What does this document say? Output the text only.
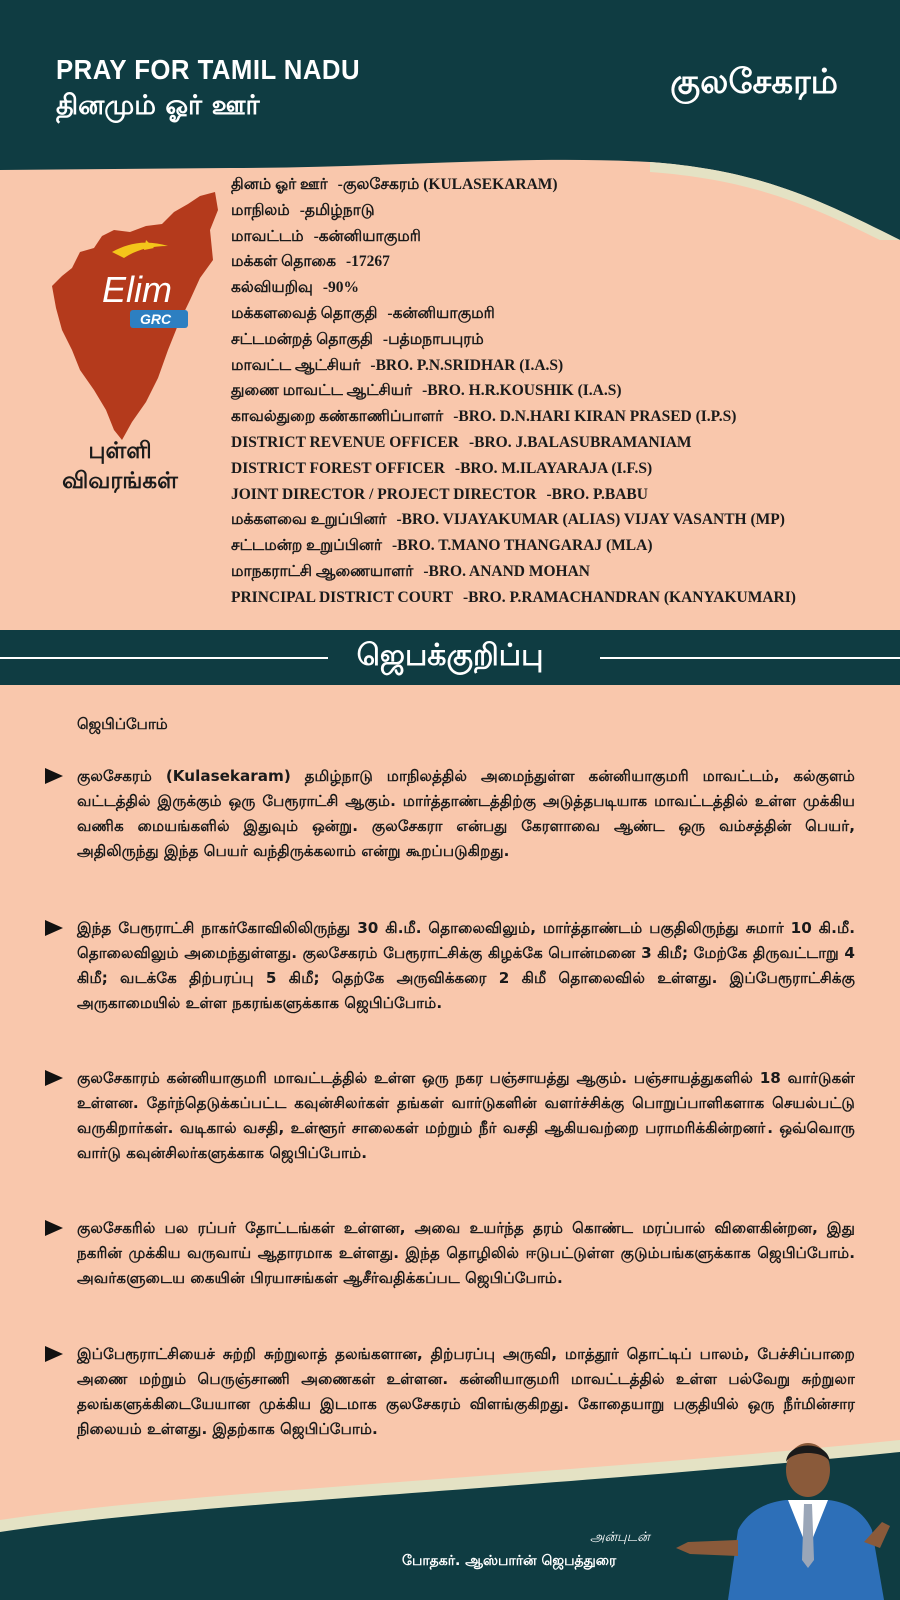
PRAY FOR TAMIL NADU
தினமும் ஓர் ஊர்
குலசேகரம்
Elim
GRC
புள்ளி
விவரங்கள்
தினம் ஓர் ஊர் -குலசேகரம் (KULASEKARAM)
மாநிலம் -தமிழ்நாடு
மாவட்டம் -கன்னியாகுமரி
மக்கள் தொகை -17267
கல்வியறிவு -90%
மக்களவைத் தொகுதி -கன்னியாகுமரி
சட்டமன்றத் தொகுதி -பத்மநாபபுரம்
மாவட்ட ஆட்சியர் -BRO. P.N.SRIDHAR (I.A.S)
துணை மாவட்ட ஆட்சியர் -BRO. H.R.KOUSHIK (I.A.S)
காவல்துறை கண்காணிப்பாளர் -BRO. D.N.HARI KIRAN PRASED (I.P.S)
DISTRICT REVENUE OFFICER -BRO. J.BALASUBRAMANIAM
DISTRICT FOREST OFFICER -BRO. M.ILAYARAJA (I.F.S)
JOINT DIRECTOR / PROJECT DIRECTOR -BRO. P.BABU
மக்களவை உறுப்பினர் -BRO. VIJAYAKUMAR (ALIAS) VIJAY VASANTH (MP)
சட்டமன்ற உறுப்பினர் -BRO. T.MANO THANGARAJ (MLA)
மாநகராட்சி ஆணையாளர் -BRO. ANAND MOHAN
PRINCIPAL DISTRICT COURT -BRO. P.RAMACHANDRAN (KANYAKUMARI)
ஜெபக்குறிப்பு
ஜெபிப்போம்
குலசேகரம் (Kulasekaram) தமிழ்நாடு மாநிலத்தில் அமைந்துள்ள கன்னியாகுமரி மாவட்டம், கல்குளம் வட்டத்தில் இருக்கும் ஒரு பேரூராட்சி ஆகும். மார்த்தாண்டத்திற்கு அடுத்தபடியாக மாவட்டத்தில் உள்ள முக்கிய வணிக மையங்களில் இதுவும் ஒன்று. குலசேகரா என்பது கேரளாவை ஆண்ட ஒரு வம்சத்தின் பெயர், அதிலிருந்து இந்த பெயர் வந்திருக்கலாம் என்று கூறப்படுகிறது.
இந்த பேரூராட்சி நாகர்கோவிலிலிருந்து 30 கி.மீ. தொலைவிலும், மார்த்தாண்டம் பகுதிலிருந்து சுமார் 10 கி.மீ. தொலைவிலும் அமைந்துள்ளது. குலசேகரம் பேரூராட்சிக்கு கிழக்கே பொன்மனை 3 கிமீ; மேற்கே திருவட்டாறு 4 கிமீ; வடக்கே திற்பரப்பு 5 கிமீ; தெற்கே அருவிக்கரை 2 கிமீ தொலைவில் உள்ளது. இப்பேரூராட்சிக்கு அருகாமையில் உள்ள நகரங்களுக்காக ஜெபிப்போம்.
குலசேகாரம் கன்னியாகுமரி மாவட்டத்தில் உள்ள ஒரு நகர பஞ்சாயத்து ஆகும். பஞ்சாயத்துகளில் 18 வார்டுகள் உள்ளன. தேர்ந்தெடுக்கப்பட்ட கவுன்சிலர்கள் தங்கள் வார்டுகளின் வளர்ச்சிக்கு பொறுப்பாளிகளாக செயல்பட்டு வருகிறார்கள். வடிகால் வசதி, உள்ளூர் சாலைகள் மற்றும் நீர் வசதி ஆகியவற்றை பராமரிக்கின்றனா். ஒவ்வொரு வார்டு கவுன்சிலர்களுக்காக ஜெபிப்போம்.
குலசேகரில் பல ரப்பர் தோட்டங்கள் உள்ளன, அவை உயர்ந்த தரம் கொண்ட மரப்பால் விளைகின்றன, இது நகரின் முக்கிய வருவாய் ஆதாரமாக உள்ளது. இந்த தொழிலில் ஈடுபட்டுள்ள குடும்பங்களுக்காக ஜெபிப்போம். அவர்களுடைய கையின் பிரயாசங்கள் ஆசீர்வதிக்கப்பட ஜெபிப்போம்.
இப்பேரூராட்சியைச் சுற்றி சுற்றுலாத் தலங்களான, திற்பரப்பு அருவி, மாத்தூர் தொட்டிப் பாலம், பேச்சிப்பாறை அணை மற்றும் பெருஞ்சாணி அணைகள் உள்ளன. கன்னியாகுமரி மாவட்டத்தில் உள்ள பல்வேறு சுற்றுலா தலங்களுக்கிடையேயான முக்கிய இடமாக குலசேகரம் விளங்குகிறது. கோதையாறு பகுதியில் ஒரு நீர்மின்சார நிலையம் உள்ளது. இதற்காக ஜெபிப்போம்.
அன்புடன்
போதகர். ஆஸ்பார்ன் ஜெபத்துரை
